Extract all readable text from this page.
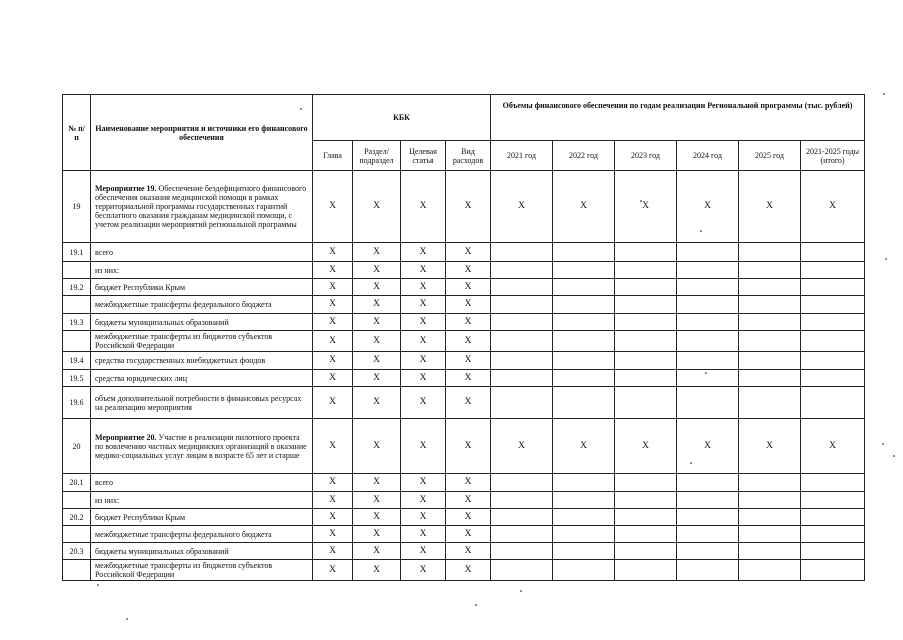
№ п/п	Наименование мероприятия и источники его финансового обеспечения	КБК				Объемы финансового обеспечения по годам реализации Региональной программы (тыс. рублей)					
		Глава	Раздел/ подраздел	Целевая статья	Вид расходов	2021 год	2022 год	2023 год	2024 год	2025 год	2021-2025 годы (итого)
19	Мероприятие 19. Обеспечение бездефицитного финансового обеспечения оказания медицинской помощи в рамках территориальной программы государственных гарантий бесплатного оказания гражданам медицинской помощи, с учетом реализации мероприятий региональной программы	X	X	X	X	X	X	X	X	X	X
19.1	всего	X	X	X	X						
	из них:	X	X	X	X						
19.2	бюджет Республики Крым	X	X	X	X						
	межбюджетные трансферты федерального бюджета	X	X	X	X						
19.3	бюджеты муниципальных образований	X	X	X	X						
	межбюджетные трансферты из бюджетов субъектов Российской Федерации	X	X	X	X						
19.4	средства государственных внебюджетных фондов	X	X	X	X						
19.5	средства юридических лиц	X	X	X	X						
19.6	объем дополнительной потребности в финансовых ресурсах на реализацию мероприятия	X	X	X	X						
20	Мероприятие 20. Участие в реализации пилотного проекта по вовлечению частных медицинских организаций в оказание медико-социальных услуг лицам в возрасте 65 лет и старше	X	X	X	X	X	X	X	X	X	X
20.1	всего	X	X	X	X						
	из них:	X	X	X	X						
20.2	бюджет Республики Крым	X	X	X	X						
	межбюджетные трансферты федерального бюджета	X	X	X	X						
20.3	бюджеты муниципальных образований	X	X	X	X						
	межбюджетные трансферты из бюджетов субъектов Российской Федерации	X	X	X	X						
